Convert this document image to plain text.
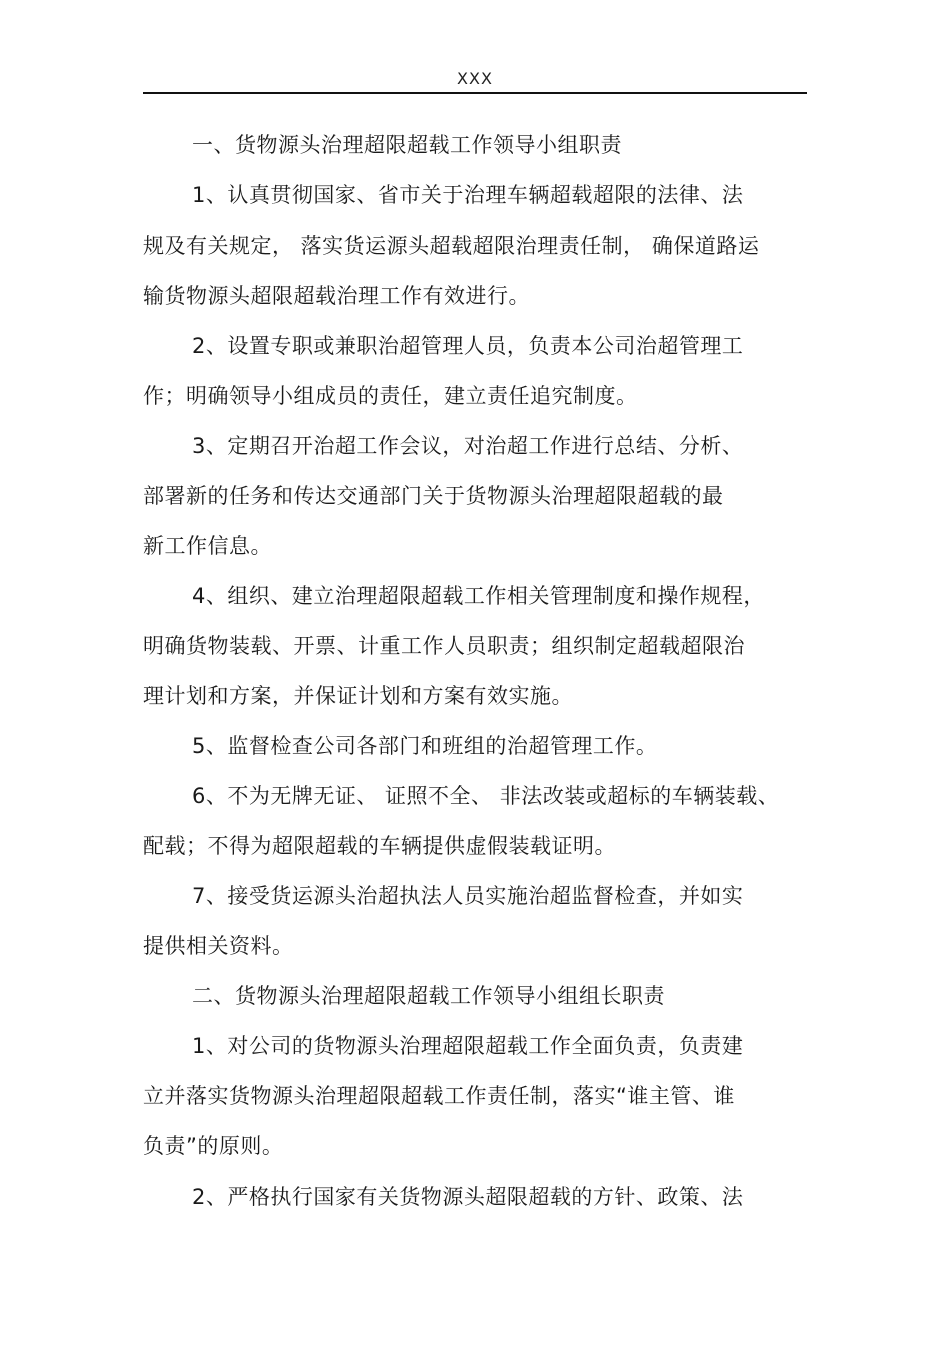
XXX
一、货物源头治理超限超载工作领导小组职责
1、认真贯彻国家、省市关于治理车辆超载超限的法律、法
规及有关规定， 落实货运源头超载超限治理责任制， 确保道路运
输货物源头超限超载治理工作有效进行。
2、设置专职或兼职治超管理人员，负责本公司治超管理工
作；明确领导小组成员的责任，建立责任追究制度。
3、定期召开治超工作会议，对治超工作进行总结、分析、
部署新的任务和传达交通部门关于货物源头治理超限超载的最
新工作信息。
4、组织、建立治理超限超载工作相关管理制度和操作规程，
明确货物装载、开票、计重工作人员职责；组织制定超载超限治
理计划和方案，并保证计划和方案有效实施。
5、监督检查公司各部门和班组的治超管理工作。
6、不为无牌无证、 证照不全、 非法改装或超标的车辆装载、
配载；不得为超限超载的车辆提供虚假装载证明。
7、接受货运源头治超执法人员实施治超监督检查，并如实
提供相关资料。
二、货物源头治理超限超载工作领导小组组长职责
1、对公司的货物源头治理超限超载工作全面负责，负责建
立并落实货物源头治理超限超载工作责任制，落实“谁主管、谁
负责”的原则。
2、严格执行国家有关货物源头超限超载的方针、政策、法
